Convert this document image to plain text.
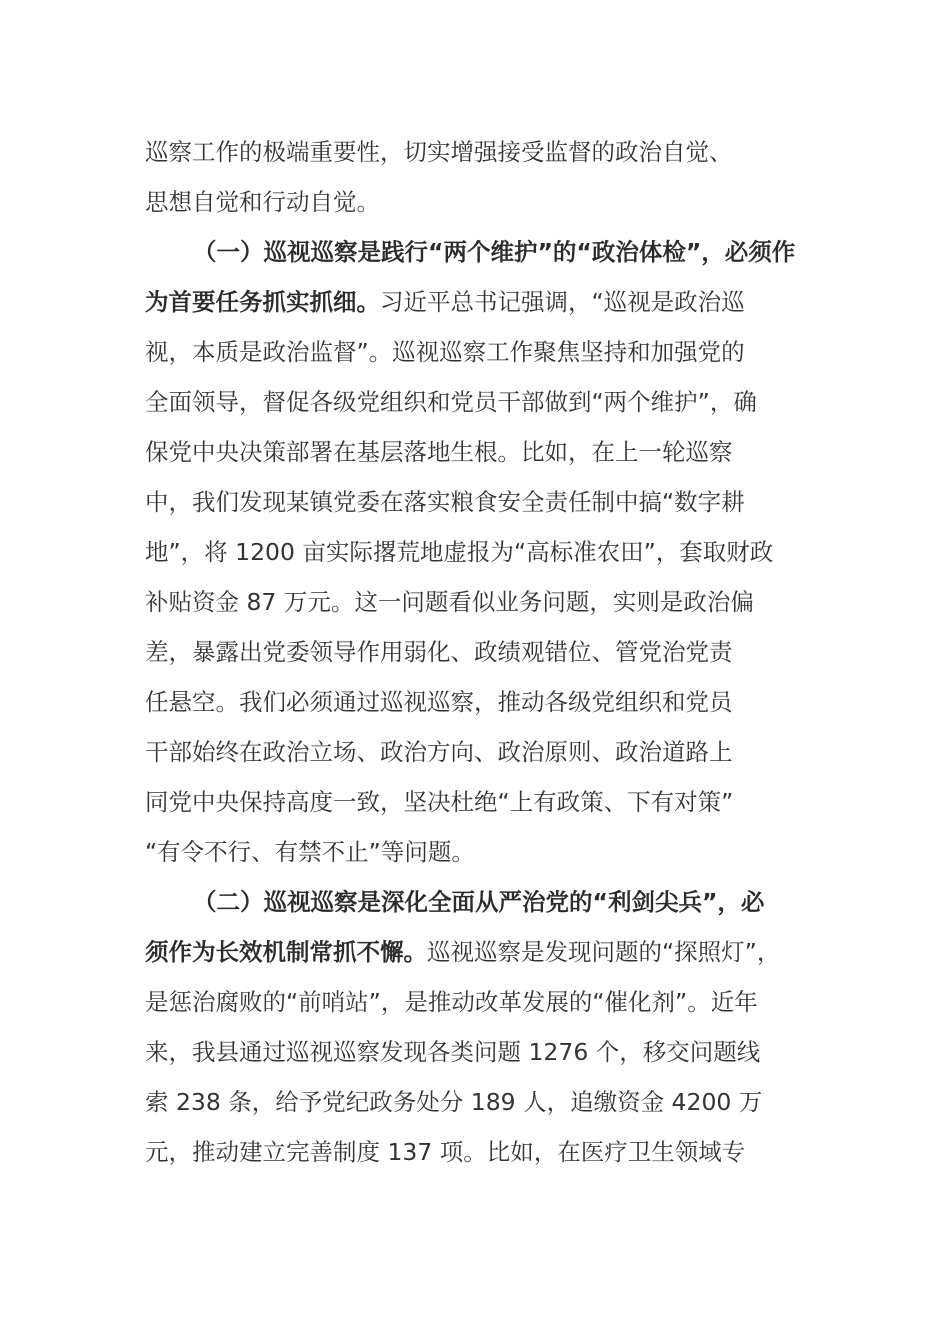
巡察工作的极端重要性，切实增强接受监督的政治自觉、
思想自觉和行动自觉。
（一）巡视巡察是践行“两个维护”的“政治体检”，必须作
为首要任务抓实抓细。习近平总书记强调，“巡视是政治巡
视，本质是政治监督”。巡视巡察工作聚焦坚持和加强党的
全面领导，督促各级党组织和党员干部做到“两个维护”，确
保党中央决策部署在基层落地生根。比如，在上一轮巡察
中，我们发现某镇党委在落实粮食安全责任制中搞“数字耕
地”，将 1200 亩实际撂荒地虚报为“高标准农田”，套取财政
补贴资金 87 万元。这一问题看似业务问题，实则是政治偏
差，暴露出党委领导作用弱化、政绩观错位、管党治党责
任悬空。我们必须通过巡视巡察，推动各级党组织和党员
干部始终在政治立场、政治方向、政治原则、政治道路上
同党中央保持高度一致，坚决杜绝“上有政策、下有对策”
“有令不行、有禁不止”等问题。
（二）巡视巡察是深化全面从严治党的“利剑尖兵”，必
须作为长效机制常抓不懈。巡视巡察是发现问题的“探照灯”，
是惩治腐败的“前哨站”，是推动改革发展的“催化剂”。近年
来，我县通过巡视巡察发现各类问题 1276 个，移交问题线
索 238 条，给予党纪政务处分 189 人，追缴资金 4200 万
元，推动建立完善制度 137 项。比如，在医疗卫生领域专
